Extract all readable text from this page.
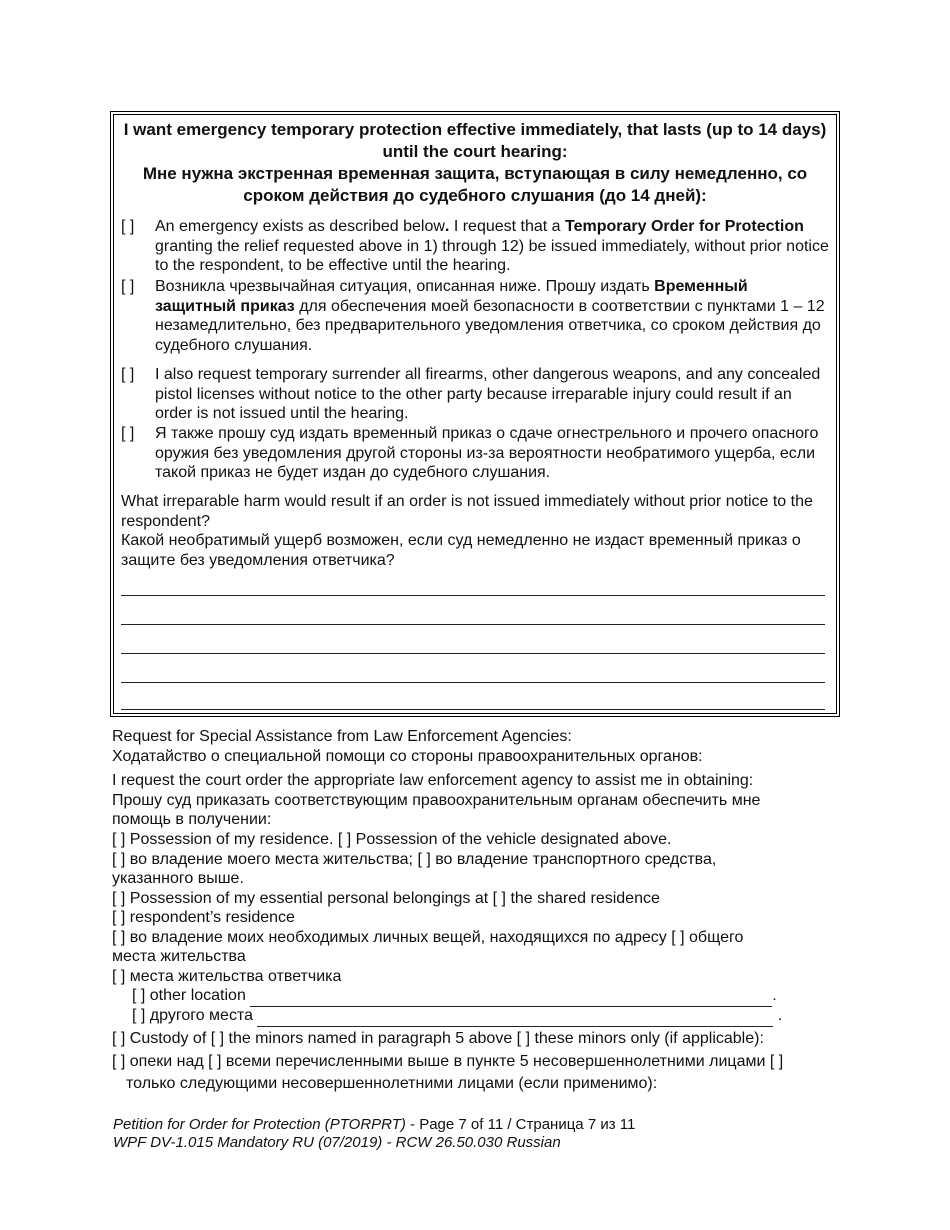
I want emergency temporary protection effective immediately, that lasts (up to 14 days) until the court hearing:
Мне нужна экстренная временная защита, вступающая в силу немедленно, со сроком действия до судебного слушания (до 14 дней):
[ ] An emergency exists as described below. I request that a Temporary Order for Protection granting the relief requested above in 1) through 12) be issued immediately, without prior notice to the respondent, to be effective until the hearing.
[ ] Возникла чрезвычайная ситуация, описанная ниже. Прошу издать Временный защитный приказ для обеспечения моей безопасности в соответствии с пунктами 1 – 12 незамедлительно, без предварительного уведомления ответчика, со сроком действия до судебного слушания.
[ ] I also request temporary surrender all firearms, other dangerous weapons, and any concealed pistol licenses without notice to the other party because irreparable injury could result if an order is not issued until the hearing.
[ ] Я также прошу суд издать временный приказ о сдаче огнестрельного и прочего опасного оружия без уведомления другой стороны из-за вероятности необратимого ущерба, если такой приказ не будет издан до судебного слушания.
What irreparable harm would result if an order is not issued immediately without prior notice to the respondent?
Какой необратимый ущерб возможен, если суд немедленно не издаст временный приказ о защите без уведомления ответчика?
Request for Special Assistance from Law Enforcement Agencies:
Ходатайство о специальной помощи со стороны правоохранительных органов:
I request the court order the appropriate law enforcement agency to assist me in obtaining:
Прошу суд приказать соответствующим правоохранительным органам обеспечить мне
помощь в получении:
[ ] Possession of my residence. [ ] Possession of the vehicle designated above.
[ ] во владение моего места жительства; [ ] во владение транспортного средства,
указанного выше.
[ ] Possession of my essential personal belongings at [ ] the shared residence
[ ] respondent’s residence
[ ] во владение моих необходимых личных вещей, находящихся по адресу [ ] общего
места жительства
[ ] места жительства ответчика
[ ] other location	.
[ ] другого места	.
[ ] Custody of [ ] the minors named in paragraph 5 above [ ] these minors only (if applicable):
[ ] опеки над [ ] всеми перечисленными выше в пункте 5 несовершеннолетними лицами [ ]
только следующими несовершеннолетними лицами (если применимо):
Petition for Order for Protection (PTORPRT) - Page 7 of 11 / Страница 7 из 11
WPF DV-1.015 Mandatory RU (07/2019) - RCW 26.50.030 Russian
